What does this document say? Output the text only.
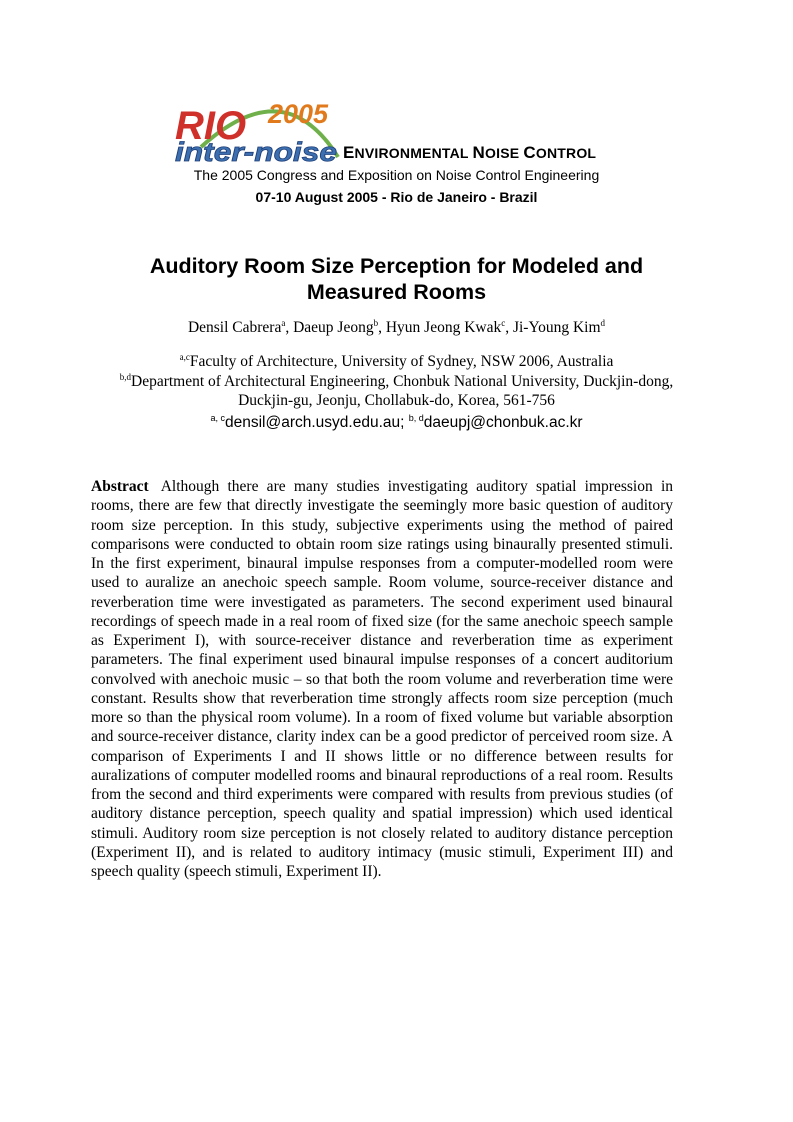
RIO 2005
inter-noise ENVIRONMENTAL NOISE CONTROL
The 2005 Congress and Exposition on Noise Control Engineering
07-10 August 2005 - Rio de Janeiro - Brazil
Auditory Room Size Perception for Modeled and
Measured Rooms
Densil Cabrera$^a$, Daeup Jeong$^b$, Hyun Jeong Kwak$^c$, Ji-Young Kim$^d$
$^{a,c}$Faculty of Architecture, University of Sydney, NSW 2006, Australia
$^{b,d}$Department of Architectural Engineering, Chonbuk National University, Duckjin-dong,
Duckjin-gu, Jeonju, Chollabuk-do, Korea, 561-756
$^{a, c}$densil@arch.usyd.edu.au; $^{b, d}$daeupj@chonbuk.ac.kr
Abstract Although there are many studies investigating auditory spatial impression in rooms, there are few that directly investigate the seemingly more basic question of auditory room size perception. In this study, subjective experiments using the method of paired comparisons were conducted to obtain room size ratings using binaurally presented stimuli. In the first experiment, binaural impulse responses from a computer-modelled room were used to auralize an anechoic speech sample. Room volume, source-receiver distance and reverberation time were investigated as parameters. The second experiment used binaural recordings of speech made in a real room of fixed size (for the same anechoic speech sample as Experiment I), with source-receiver distance and reverberation time as experiment parameters. The final experiment used binaural impulse responses of a concert auditorium convolved with anechoic music – so that both the room volume and reverberation time were constant. Results show that reverberation time strongly affects room size perception (much more so than the physical room volume). In a room of fixed volume but variable absorption and source-receiver distance, clarity index can be a good predictor of perceived room size. A comparison of Experiments I and II shows little or no difference between results for auralizations of computer modelled rooms and binaural reproductions of a real room. Results from the second and third experiments were compared with results from previous studies (of auditory distance perception, speech quality and spatial impression) which used identical stimuli. Auditory room size perception is not closely related to auditory distance perception (Experiment II), and is related to auditory intimacy (music stimuli, Experiment III) and speech quality (speech stimuli, Experiment II).
